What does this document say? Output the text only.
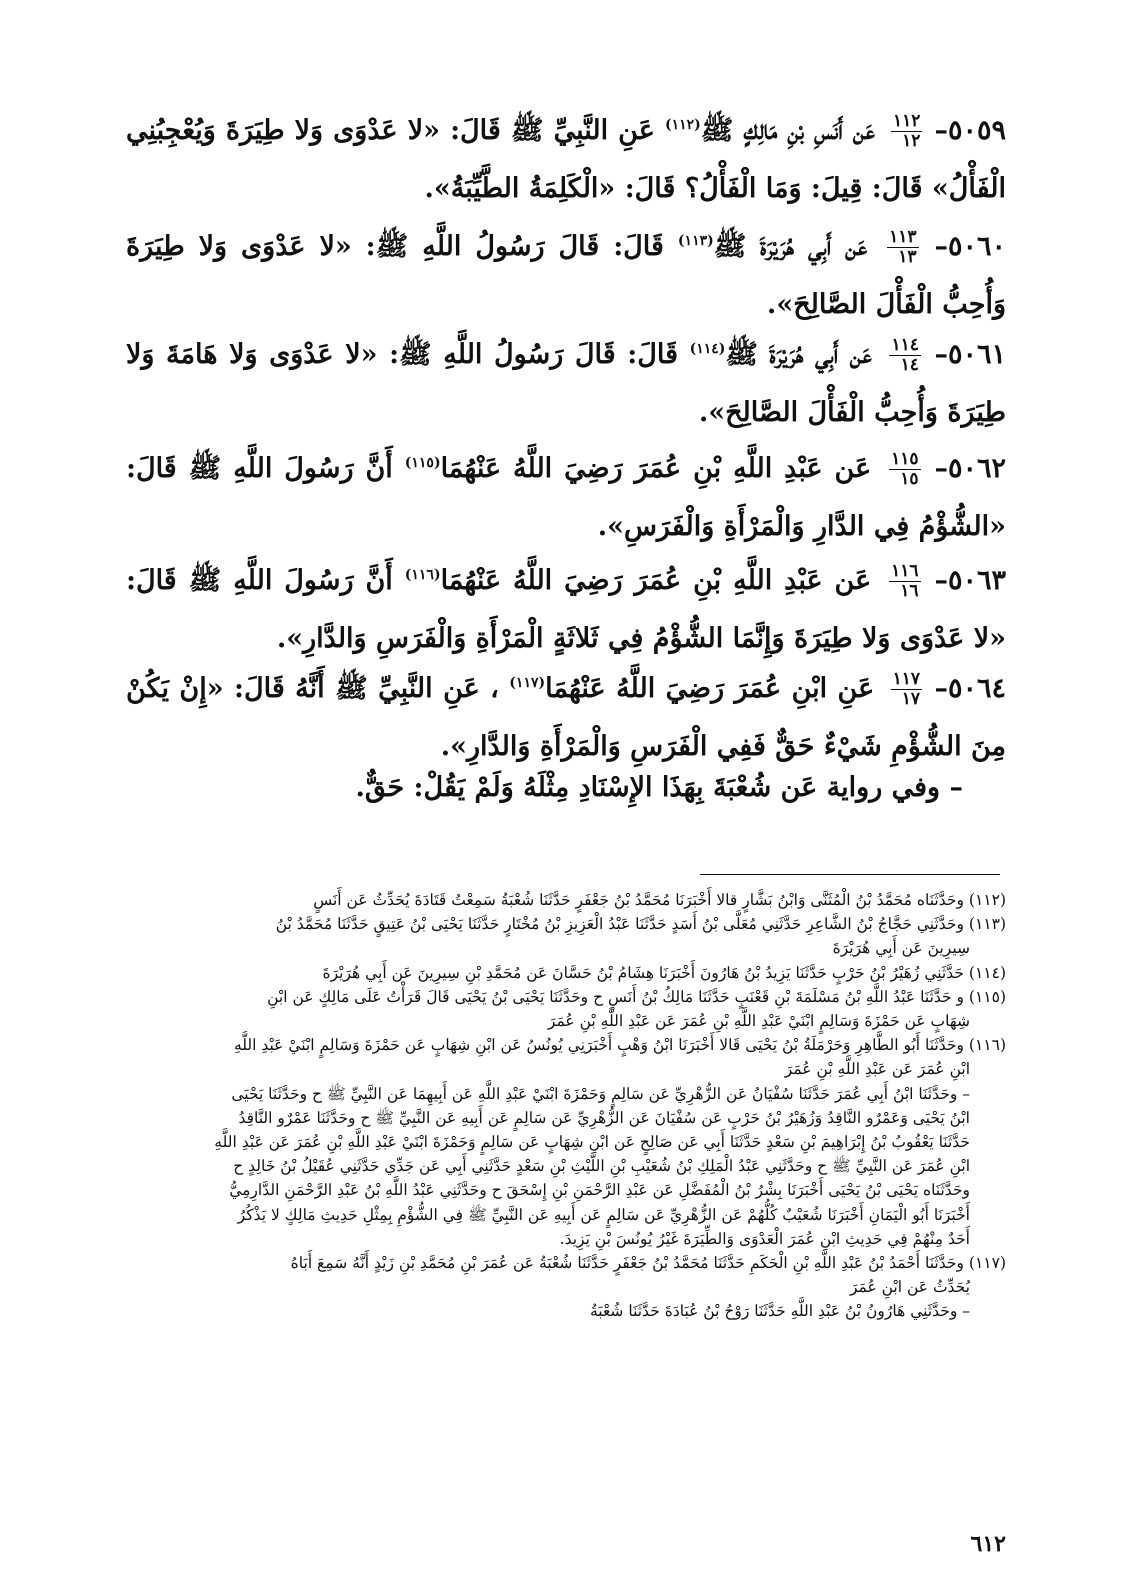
٥٠٥٩–
١١٢
١٢
عَن أَنَسِ بْنِ مَالِكٍ ﷺ$^{(١١٢)}$ عَنِ النَّبِيِّ ﷺ قَالَ: «لا عَدْوَى وَلا طِيَرَةَ وَيُعْجِبُنِي الْفَأْلُ» قَالَ: قِيلَ: وَمَا الْفَأْلُ؟ قَالَ: «الْكَلِمَةُ الطَّيِّبَةُ».
٥٠٦٠–
١١٣
١٣
عَن أَبِي هُرَيْرَةَ ﷺ$^{(١١٣)}$ قَالَ: قَالَ رَسُولُ اللَّهِ ﷺ: «لا عَدْوَى وَلا طِيَرَةَ وَأُحِبُّ الْفَأْلَ الصَّالِحَ».
٥٠٦١–
١١٤
١٤
عَن أَبِي هُرَيْرَةَ ﷺ$^{(١١٤)}$ قَالَ: قَالَ رَسُولُ اللَّهِ ﷺ: «لا عَدْوَى وَلا هَامَةَ وَلا طِيَرَةَ وَأُحِبُّ الْفَأْلَ الصَّالِحَ».
٥٠٦٢–
١١٥
١٥
عَن عَبْدِ اللَّهِ بْنِ عُمَرَ رَضِيَ اللَّهُ عَنْهُمَا$^{(١١٥)}$ أَنَّ رَسُولَ اللَّهِ ﷺ قَالَ: «الشُّؤْمُ فِي الدَّارِ وَالْمَرْأَةِ وَالْفَرَسِ».
٥٠٦٣–
١١٦
١٦
عَن عَبْدِ اللَّهِ بْنِ عُمَرَ رَضِيَ اللَّهُ عَنْهُمَا$^{(١١٦)}$ أَنَّ رَسُولَ اللَّهِ ﷺ قَالَ: «لا عَدْوَى وَلا طِيَرَةَ وَإِنَّمَا الشُّؤْمُ فِي ثَلاثَةٍ الْمَرْأَةِ وَالْفَرَسِ وَالدَّارِ».
٥٠٦٤–
١١٧
١٧
عَنِ ابْنِ عُمَرَ رَضِيَ اللَّهُ عَنْهُمَا$^{(١١٧)}$ ، عَنِ النَّبِيِّ ﷺ أَنَّهُ قَالَ: «إِنْ يَكُنْ مِنَ الشُّؤْمِ شَيْءٌ حَقٌّ فَفِي الْفَرَسِ وَالْمَرْأَةِ وَالدَّارِ».
– وفي رواية عَن شُعْبَةَ بِهَذَا الإِسْنَادِ مِثْلَهُ وَلَمْ يَقُلْ: حَقٌّ.
(١١٢) وحَدَّثَنَاه مُحَمَّدُ بْنُ الْمُثَنَّى وَابْنُ بَشَّارٍ قالا أَخْبَرَنَا مُحَمَّدُ بْنُ جَعْفَرٍ حَدَّثَنَا شُعْبَةُ سَمِعْتُ قَتَادَةَ يُحَدِّثُ عَن أَنَسٍ
(١١٣) وحَدَّثَنِي حَجَّاجُ بْنُ الشَّاعِرِ حَدَّثَنِي مُعَلَّى بْنُ أَسَدٍ حَدَّثَنَا عَبْدُ الْعَزِيزِ بْنُ مُخْتَارٍ حَدَّثَنَا يَحْيَى بْنُ عَتِيقٍ حَدَّثَنَا مُحَمَّدُ بْنُ
سِيرِينَ عَن أَبِي هُرَيْرَةَ
(١١٤) حَدَّثَنِي زُهَيْرُ بْنُ حَرْبٍ حَدَّثَنَا يَزِيدُ بْنُ هَارُونَ أَخْبَرَنَا هِشَامُ بْنُ حَسَّانَ عَن مُحَمَّدِ بْنِ سِيرِينَ عَن أَبِي هُرَيْرَةَ
(١١٥) و حَدَّثَنَا عَبْدُ اللَّهِ بْنُ مَسْلَمَةَ بْنِ قَعْنَبٍ حَدَّثَنَا مَالِكُ بْنُ أَنَسٍ ح وحَدَّثَنَا يَحْيَى بْنُ يَحْيَى قَالَ قَرَأْتُ عَلَى مَالِكٍ عَن ابْنِ
شِهَابٍ عَن حَمْزَةَ وَسَالِمٍ ابْنَيْ عَبْدِ اللَّهِ بْنِ عُمَرَ عَن عَبْدِ اللَّهِ بْنِ عُمَرَ
(١١٦) وحَدَّثَنَا أَبُو الطَّاهِرِ وَحَرْمَلَةُ بْنُ يَحْيَى قَالا أَخْبَرَنَا ابْنُ وَهْبٍ أَخْبَرَنِي يُونُسُ عَن ابْنِ شِهَابٍ عَن حَمْزَةَ وَسَالِمٍ ابْنَيْ عَبْدِ اللَّهِ
ابْنِ عُمَرَ عَن عَبْدِ اللَّهِ بْنِ عُمَرَ
– وحَدَّثَنَا ابْنُ أَبِي عُمَرَ حَدَّثَنَا سُفْيَانُ عَن الزُّهْرِيِّ عَن سَالِمٍ وَحَمْزَةَ ابْنَيْ عَبْدِ اللَّهِ عَن أَبِيهِمَا عَن النَّبِيِّ ﷺ ح وحَدَّثَنَا يَحْيَى
ابْنُ يَحْيَى وَعَمْرٌو النَّاقِدُ وَزُهَيْرُ بْنُ حَرْبٍ عَن سُفْيَانَ عَن الزُّهْرِيِّ عَن سَالِمٍ عَن أَبِيهِ عَن النَّبِيِّ ﷺ ح وحَدَّثَنَا عَمْرٌو النَّاقِدُ
حَدَّثَنَا يَعْقُوبُ بْنُ إِبْرَاهِيمَ بْنِ سَعْدٍ حَدَّثَنَا أَبِي عَن صَالِحٍ عَن ابْنِ شِهَابٍ عَن سَالِمٍ وَحَمْزَةَ ابْنَيْ عَبْدِ اللَّهِ بْنِ عُمَرَ عَن عَبْدِ اللَّهِ
ابْنِ عُمَرَ عَن النَّبِيِّ ﷺ ح وحَدَّثَنِي عَبْدُ الْمَلِكِ بْنُ شُعَيْبِ بْنِ اللَّيْثِ بْنِ سَعْدٍ حَدَّثَنِي أَبِي عَن جَدِّي حَدَّثَنِي عُقَيْلُ بْنُ خَالِدٍ ح
وحَدَّثَنَاه يَحْيَى بْنُ يَحْيَى أَخْبَرَنَا بِشْرُ بْنُ الْمُفَضَّلِ عَن عَبْدِ الرَّحْمَنِ بْنِ إِسْحَقَ ح وحَدَّثَنِي عَبْدُ اللَّهِ بْنُ عَبْدِ الرَّحْمَنِ الدَّارِمِيُّ
أَخْبَرَنَا أَبُو الْيَمَانِ أَخْبَرَنَا شُعَيْبٌ كُلُّهُمْ عَن الزُّهْرِيِّ عَن سَالِمٍ عَن أَبِيهِ عَن النَّبِيِّ ﷺ فِي الشُّؤْمِ بِمِثْلِ حَدِيثِ مَالِكٍ لا يَذْكُرُ
أَحَدٌ مِنْهُمْ فِي حَدِيثِ ابْنِ عُمَرَ الْعَدْوَى وَالطِّيَرَةَ غَيْرُ يُونُسَ بْنِ يَزِيدَ.
(١١٧) وحَدَّثَنَا أَحْمَدُ بْنُ عَبْدِ اللَّهِ بْنِ الْحَكَمِ حَدَّثَنَا مُحَمَّدُ بْنُ جَعْفَرٍ حَدَّثَنَا شُعْبَةُ عَن عُمَرَ بْنِ مُحَمَّدِ بْنِ زَيْدٍ أَنَّهُ سَمِعَ أَبَاهُ
يُحَدِّثُ عَن ابْنِ عُمَرَ
– وحَدَّثَنِي هَارُونُ بْنُ عَبْدِ اللَّهِ حَدَّثَنَا رَوْحُ بْنُ عُبَادَةَ حَدَّثَنَا شُعْبَةُ
٦١٢
